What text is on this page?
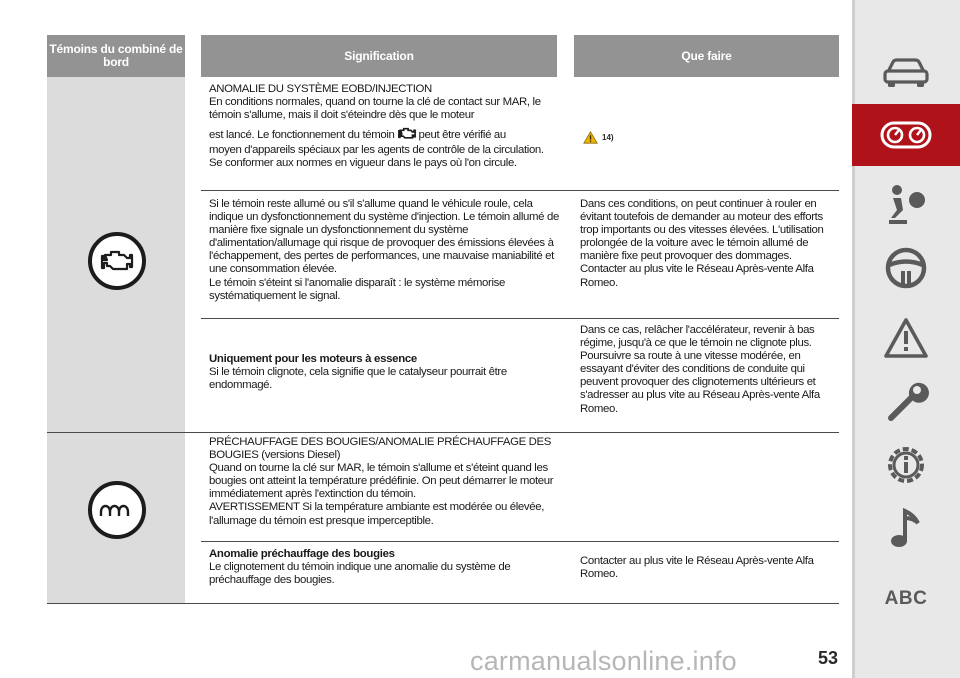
Témoins du combiné de bord	Signification	Que faire

ANOMALIE DU SYSTÈME EOBD/INJECTION

En conditions normales, quand on tourne la clé de contact sur MAR, le témoin s'allume, mais il doit s'éteindre dès que le moteur

est lancé. Le fonctionnement du témoin peut être vérifié au

moyen d'appareils spéciaux par les agents de contrôle de la circulation. Se conformer aux normes en vigueur dans le pays où l'on circule.

14)

Si le témoin reste allumé ou s'il s'allume quand le véhicule roule, cela indique un dysfonctionnement du système d'injection. Le témoin allumé de manière fixe signale un dysfonctionnement du système d'alimentation/allumage qui risque de provoquer des émissions élevées à l'échappement, des pertes de performances, une mauvaise maniabilité et une consommation élevée.

Le témoin s'éteint si l'anomalie disparaît : le système mémorise systématiquement le signal.

Dans ces conditions, on peut continuer à rouler en évitant toutefois de demander au moteur des efforts trop importants ou des vitesses élevées. L'utilisation prolongée de la voiture avec le témoin allumé de manière fixe peut provoquer des dommages.

Contacter au plus vite le Réseau Après-vente Alfa Romeo.

Uniquement pour les moteurs à essence

Si le témoin clignote, cela signifie que le catalyseur pourrait être endommagé.

Dans ce cas, relâcher l'accélérateur, revenir à bas régime, jusqu'à ce que le témoin ne clignote plus. Poursuivre sa route à une vitesse modérée, en essayant d'éviter des conditions de conduite qui peuvent provoquer des clignotements ultérieurs et s'adresser au plus vite au Réseau Après-vente Alfa Romeo.

PRÉCHAUFFAGE DES BOUGIES/ANOMALIE PRÉCHAUFFAGE DES BOUGIES (versions Diesel)

Quand on tourne la clé sur MAR, le témoin s'allume et s'éteint quand les bougies ont atteint la température prédéfinie. On peut démarrer le moteur immédiatement après l'extinction du témoin.

AVERTISSEMENT Si la température ambiante est modérée ou élevée, l'allumage du témoin est presque imperceptible.

Anomalie préchauffage des bougies

Le clignotement du témoin indique une anomalie du système de préchauffage des bougies.

Contacter au plus vite le Réseau Après-vente Alfa Romeo.

ABC
53
carmanualsonline.info
